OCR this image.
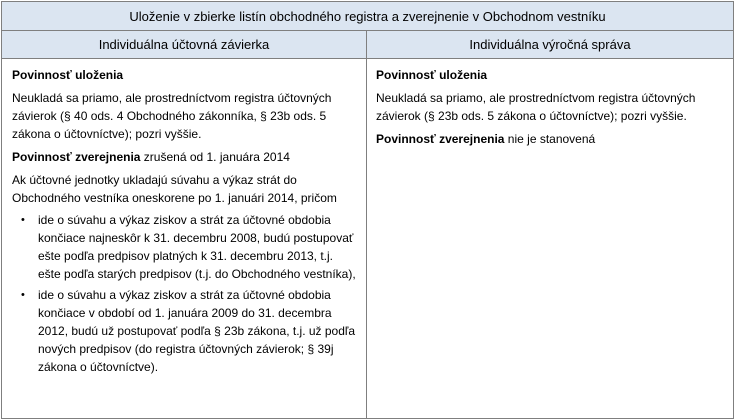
Uloženie v zbierke listín obchodného registra a zverejnenie v Obchodnom vestníku
Individuálna účtovná závierka	Individuálna výročná správa

Povinnosť uloženia

Neukladá sa priamo, ale prostredníctvom registra účtovných závierok (§ 40 ods. 4 Obchodného zákonníka, § 23b ods. 5 zákona o účtovníctve); pozri vyššie.

Povinnosť zverejnenia zrušená od 1. januára 2014

Ak účtovné jednotky ukladajú súvahu a výkaz strát do Obchodného vestníka oneskorene po 1. januári 2014, pričom

• ide o súvahu a výkaz ziskov a strát za účtovné obdobia končiace najneskôr k 31. decembru 2008, budú postupovať ešte podľa predpisov platných k 31. decembru 2013, t.j. ešte podľa starých predpisov (t.j. do Obchodného vestníka),
• ide o súvahu a výkaz ziskov a strát za účtovné obdobia končiace v období od 1. januára 2009 do 31. decembra 2012, budú už postupovať podľa § 23b zákona, t.j. už podľa nových predpisov (do registra účtovných závierok; § 39j zákona o účtovníctve).

Povinnosť uloženia

Neukladá sa priamo, ale prostredníctvom registra účtovných závierok (§ 23b ods. 5 zákona o účtovníctve); pozri vyššie.

Povinnosť zverejnenia nie je stanovená
